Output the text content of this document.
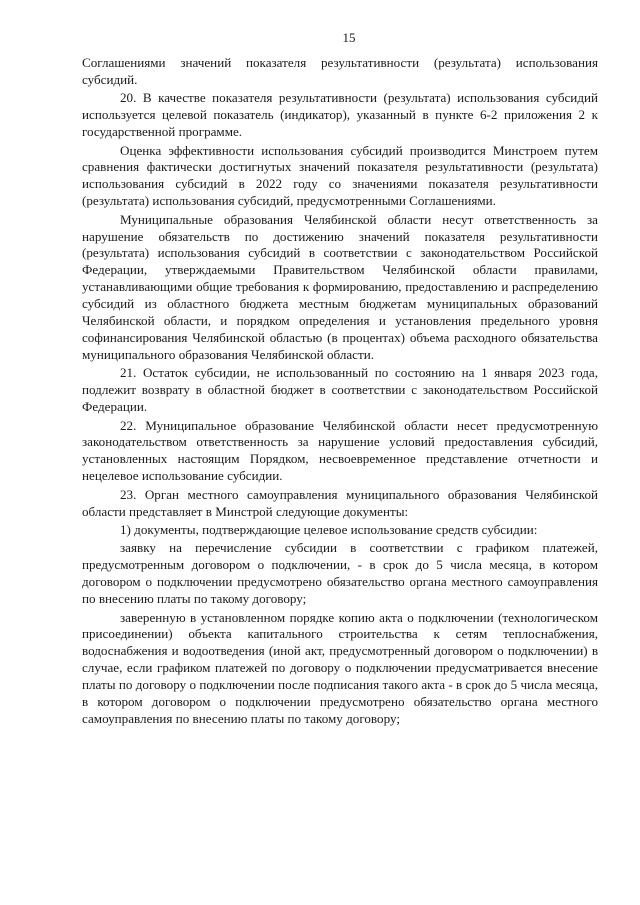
15

Соглашениями значений показателя результативности (результата) использования субсидий.

20. В качестве показателя результативности (результата) использования субсидий используется целевой показатель (индикатор), указанный в пункте 6-2 приложения 2 к государственной программе.

Оценка эффективности использования субсидий производится Минстроем путем сравнения фактически достигнутых значений показателя результативности (результата) использования субсидий в 2022 году со значениями показателя результативности (результата) использования субсидий, предусмотренными Соглашениями.

Муниципальные образования Челябинской области несут ответственность за нарушение обязательств по достижению значений показателя результативности (результата) использования субсидий в соответствии с законодательством Российской Федерации, утверждаемыми Правительством Челябинской области правилами, устанавливающими общие требования к формированию, предоставлению и распределению субсидий из областного бюджета местным бюджетам муниципальных образований Челябинской области, и порядком определения и установления предельного уровня софинансирования Челябинской областью (в процентах) объема расходного обязательства муниципального образования Челябинской области.

21. Остаток субсидии, не использованный по состоянию на 1 января 2023 года, подлежит возврату в областной бюджет в соответствии с законодательством Российской Федерации.

22. Муниципальное образование Челябинской области несет предусмотренную законодательством ответственность за нарушение условий предоставления субсидий, установленных настоящим Порядком, несвоевременное представление отчетности и нецелевое использование субсидии.

23. Орган местного самоуправления муниципального образования Челябинской области представляет в Минстрой следующие документы:

1) документы, подтверждающие целевое использование средств субсидии:

заявку на перечисление субсидии в соответствии с графиком платежей, предусмотренным договором о подключении, - в срок до 5 числа месяца, в котором договором о подключении предусмотрено обязательство органа местного самоуправления по внесению платы по такому договору;

заверенную в установленном порядке копию акта о подключении (технологическом присоединении) объекта капитального строительства к сетям теплоснабжения, водоснабжения и водоотведения (иной акт, предусмотренный договором о подключении) в случае, если графиком платежей по договору о подключении предусматривается внесение платы по договору о подключении после подписания такого акта - в срок до 5 числа месяца, в котором договором о подключении предусмотрено обязательство органа местного самоуправления по внесению платы по такому договору;
